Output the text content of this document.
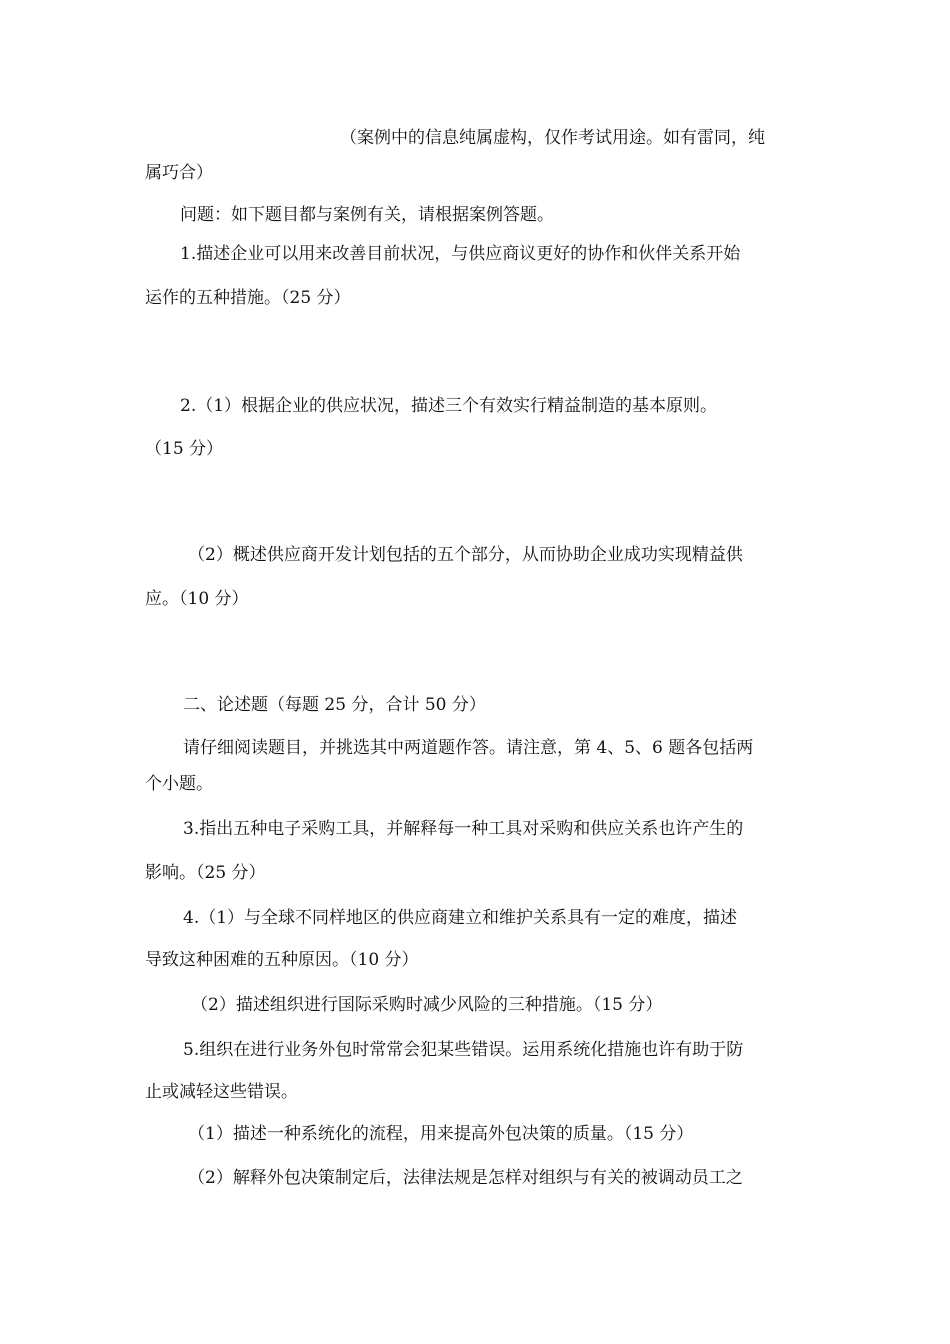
（案例中的信息纯属虚构，仅作考试用途。如有雷同，纯
属巧合）
问题：如下题目都与案例有关，请根据案例答题。
1.描述企业可以用来改善目前状况，与供应商议更好的协作和伙伴关系开始
运作的五种措施。（25 分）
2.（1）根据企业的供应状况，描述三个有效实行精益制造的基本原则。
（15 分）
（2）概述供应商开发计划包括的五个部分，从而协助企业成功实现精益供
应。（10 分）
二、论述题（每题 25 分，合计 50 分）
请仔细阅读题目，并挑选其中两道题作答。请注意，第 4、5、6 题各包括两
个小题。
3.指出五种电子采购工具，并解释每一种工具对采购和供应关系也许产生的
影响。（25 分）
4.（1）与全球不同样地区的供应商建立和维护关系具有一定的难度，描述
导致这种困难的五种原因。（10 分）
（2）描述组织进行国际采购时减少风险的三种措施。（15 分）
5.组织在进行业务外包时常常会犯某些错误。运用系统化措施也许有助于防
止或减轻这些错误。
（1）描述一种系统化的流程，用来提高外包决策的质量。（15 分）
（2）解释外包决策制定后，法律法规是怎样对组织与有关的被调动员工之
